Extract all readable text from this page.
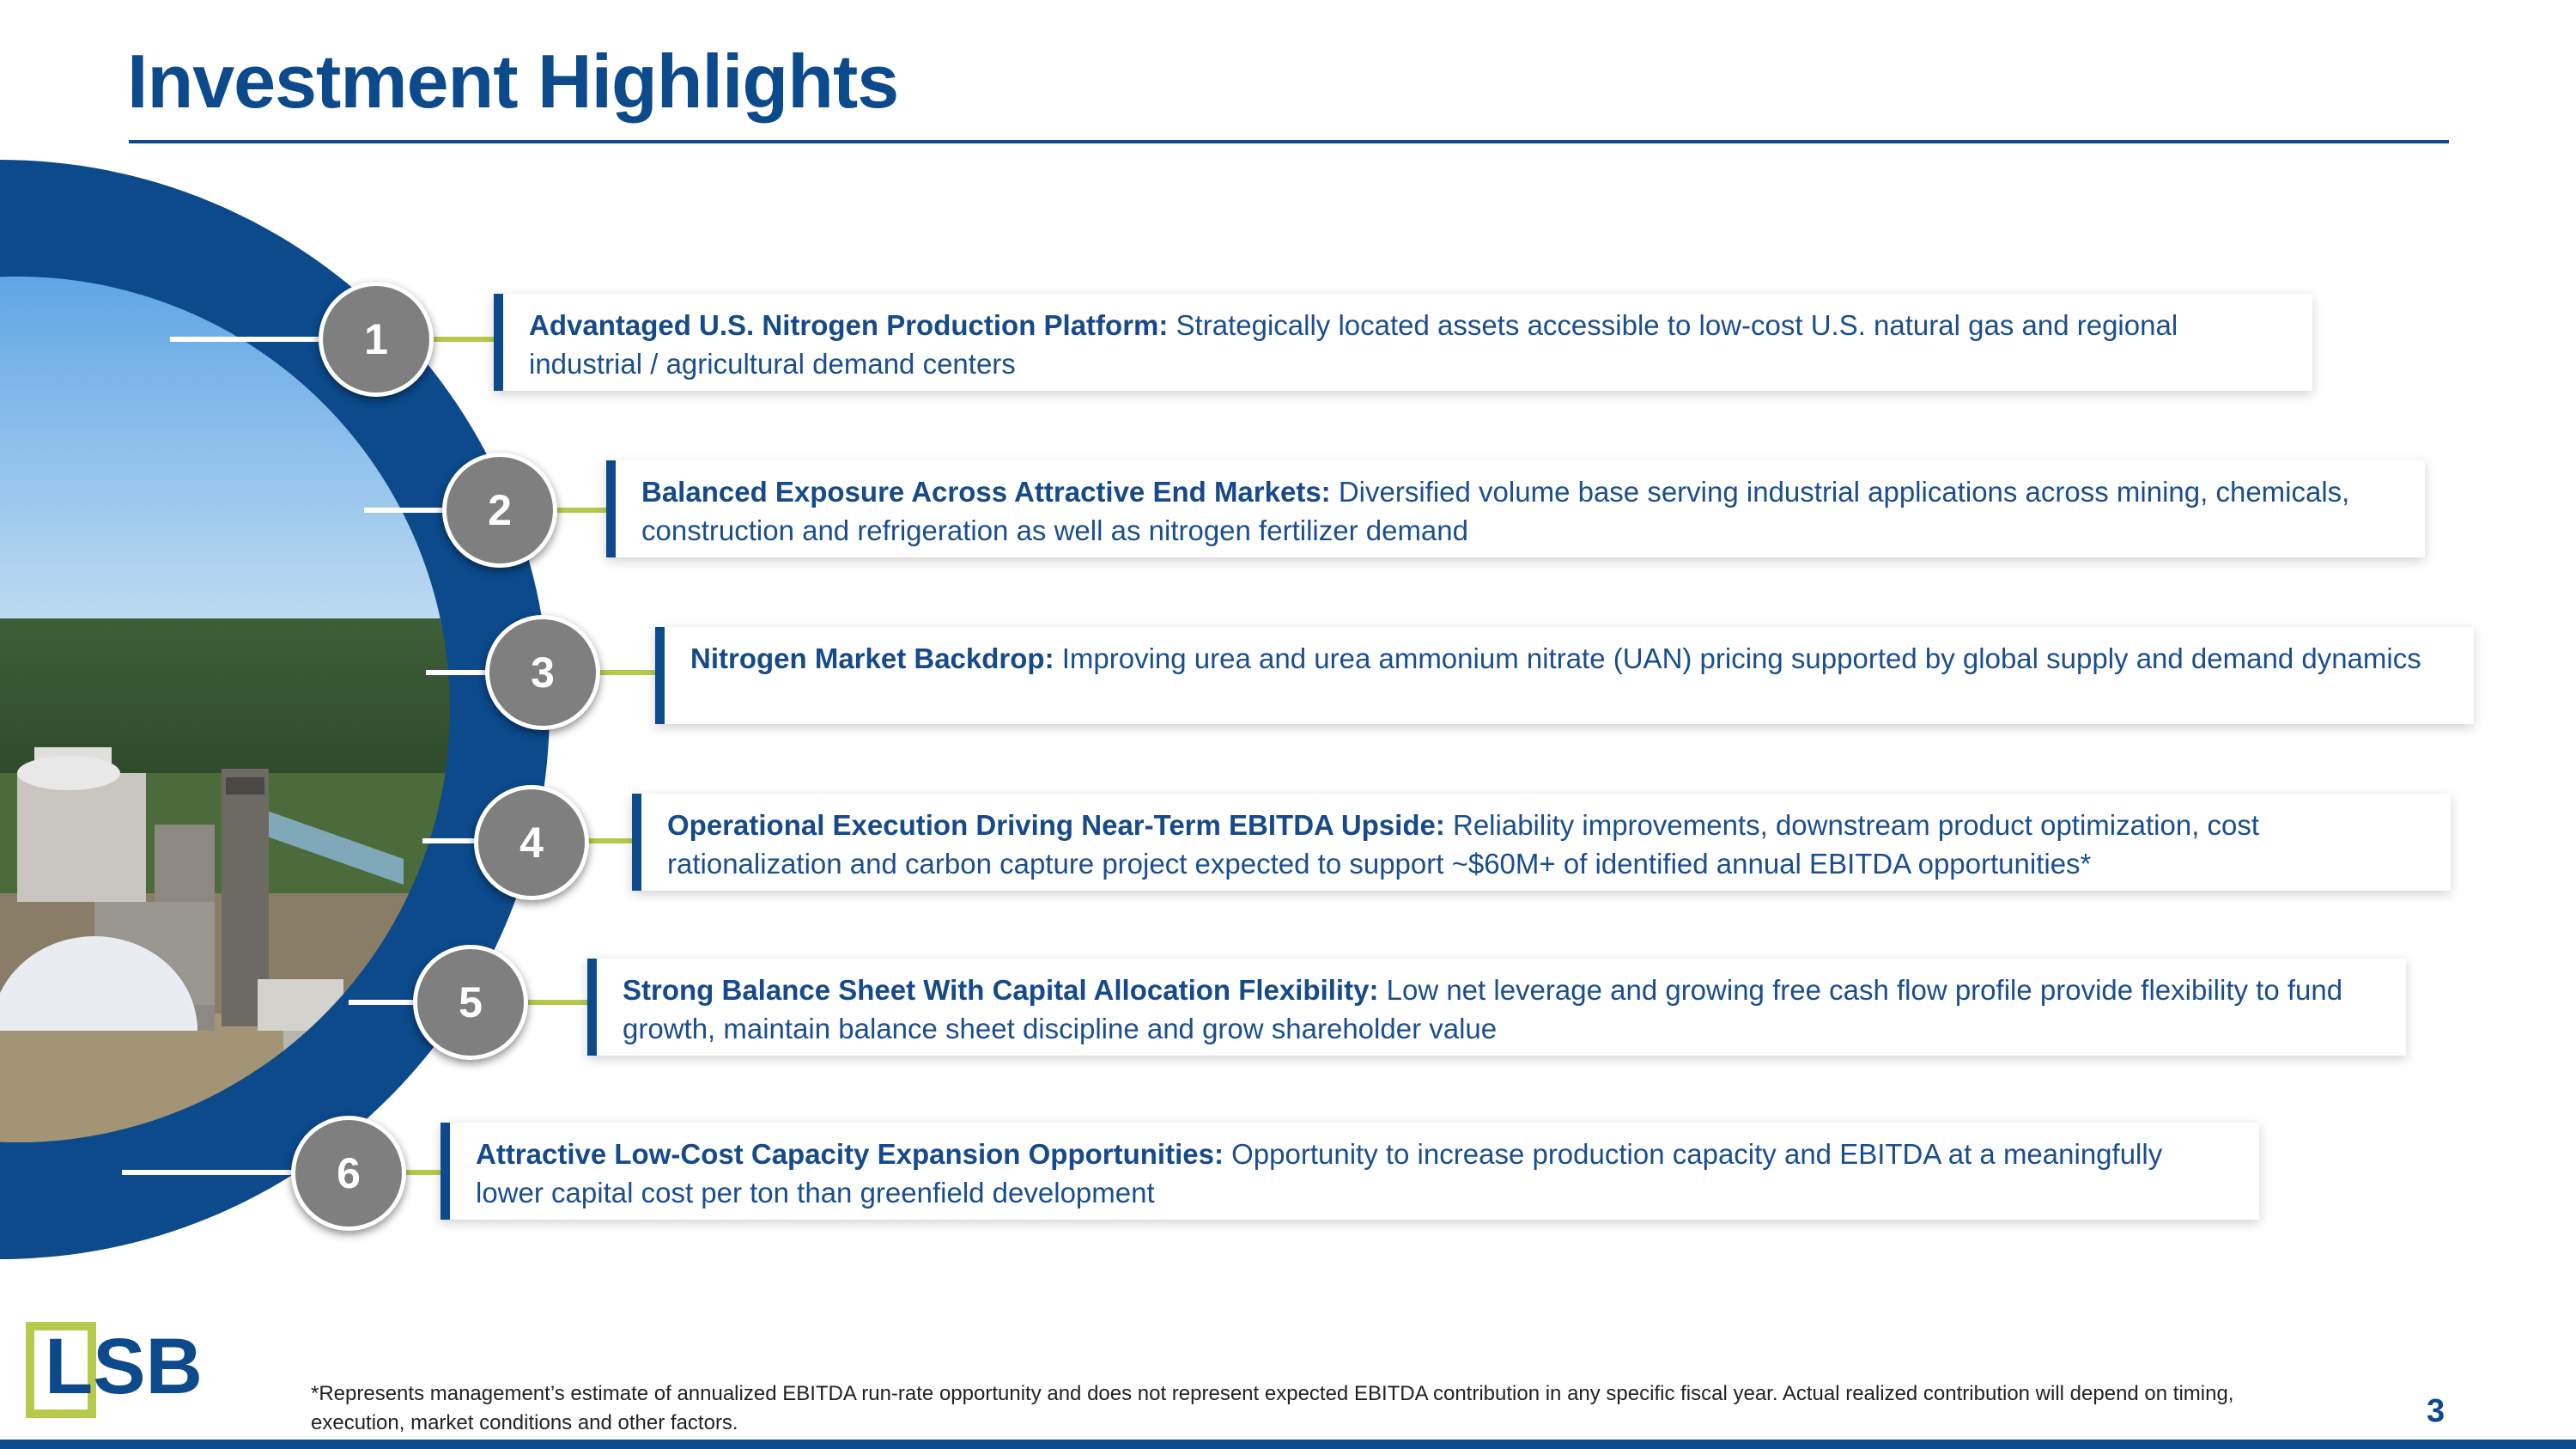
Investment Highlights
1
2
3
4
5
6
Advantaged U.S. Nitrogen Production Platform: Strategically located assets accessible to low-cost U.S. natural gas and regional industrial / agricultural demand centers
Balanced Exposure Across Attractive End Markets: Diversified volume base serving industrial applications across mining, chemicals, construction and refrigeration as well as nitrogen fertilizer demand
Nitrogen Market Backdrop: Improving urea and urea ammonium nitrate (UAN) pricing supported by global supply and demand dynamics
Operational Execution Driving Near-Term EBITDA Upside: Reliability improvements, downstream product optimization, cost rationalization and carbon capture project expected to support ~$60M+ of identified annual EBITDA opportunities*
Strong Balance Sheet With Capital Allocation Flexibility: Low net leverage and growing free cash flow profile provide flexibility to fund growth, maintain balance sheet discipline and grow shareholder value
Attractive Low-Cost Capacity Expansion Opportunities: Opportunity to increase production capacity and EBITDA at a meaningfully lower capital cost per ton than greenfield development
LSB	*Represents management’s estimate of annualized EBITDA run-rate opportunity and does not represent expected EBITDA contribution in any specific fiscal year. Actual realized contribution will depend on timing, execution, market conditions and other factors.	3
